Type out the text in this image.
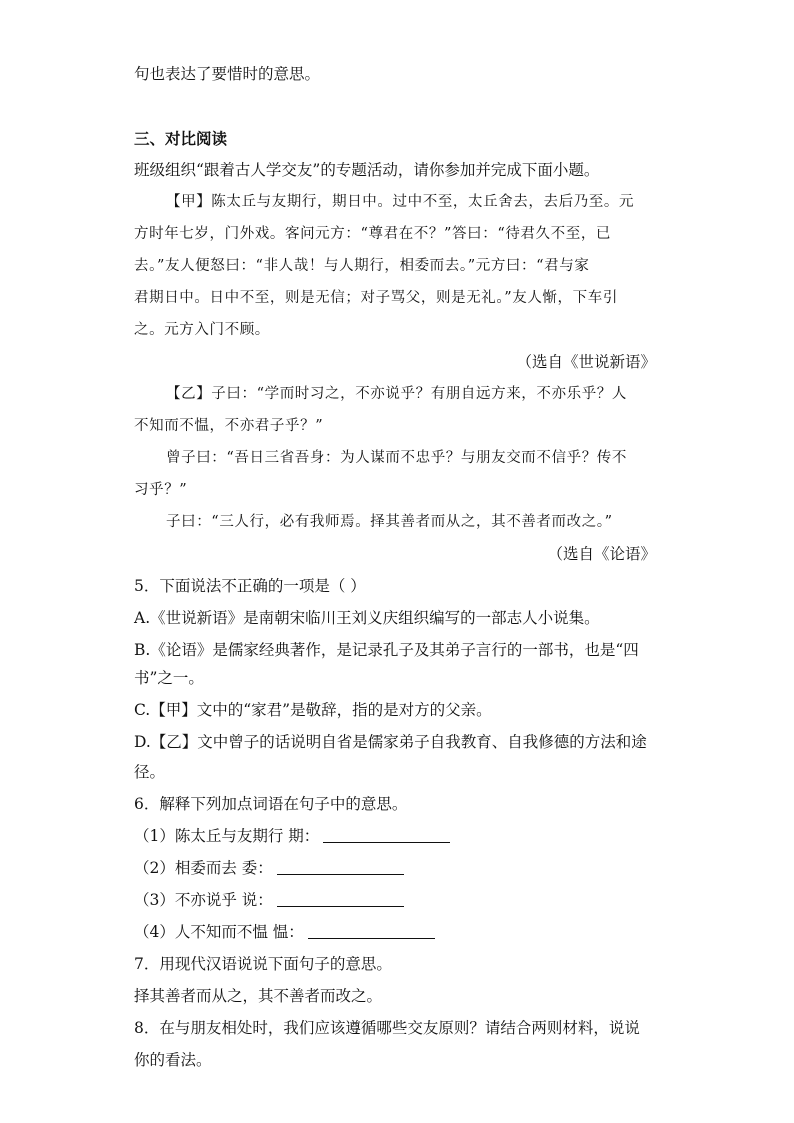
句也表达了要惜时的意思。
三、对比阅读
班级组织“跟着古人学交友”的专题活动，请你参加并完成下面小题。
【甲】陈太丘与友期行，期日中。过中不至，太丘舍去，去后乃至。元
方时年七岁，门外戏。客问元方：“尊君在不？”答曰：“待君久不至，已
去。”友人便怒曰：“非人哉！与人期行，相委而去。”元方曰：“君与家
君期日中。日中不至，则是无信；对子骂父，则是无礼。”友人惭，下车引
之。元方入门不顾。
（选自《世说新语》
【乙】子曰：“学而时习之，不亦说乎？有朋自远方来，不亦乐乎？人
不知而不愠，不亦君子乎？”
曾子曰：“吾日三省吾身：为人谋而不忠乎？与朋友交而不信乎？传不
习乎？”
子曰：“三人行，必有我师焉。择其善者而从之，其不善者而改之。”
（选自《论语》
5．下面说法不正确的一项是（ ）
A.《世说新语》是南朝宋临川王刘义庆组织编写的一部志人小说集。
B.《论语》是儒家经典著作，是记录孔子及其弟子言行的一部书，也是“四
书”之一。
C.【甲】文中的“家君”是敬辞，指的是对方的父亲。
D.【乙】文中曾子的话说明自省是儒家弟子自我教育、自我修德的方法和途
径。
6．解释下列加点词语在句子中的意思。
（1）陈太丘与友期行 期：
（2）相委而去 委：
（3）不亦说乎 说：
（4）人不知而不愠 愠：
7．用现代汉语说说下面句子的意思。
择其善者而从之，其不善者而改之。
8．在与朋友相处时，我们应该遵循哪些交友原则？请结合两则材料，说说
你的看法。
